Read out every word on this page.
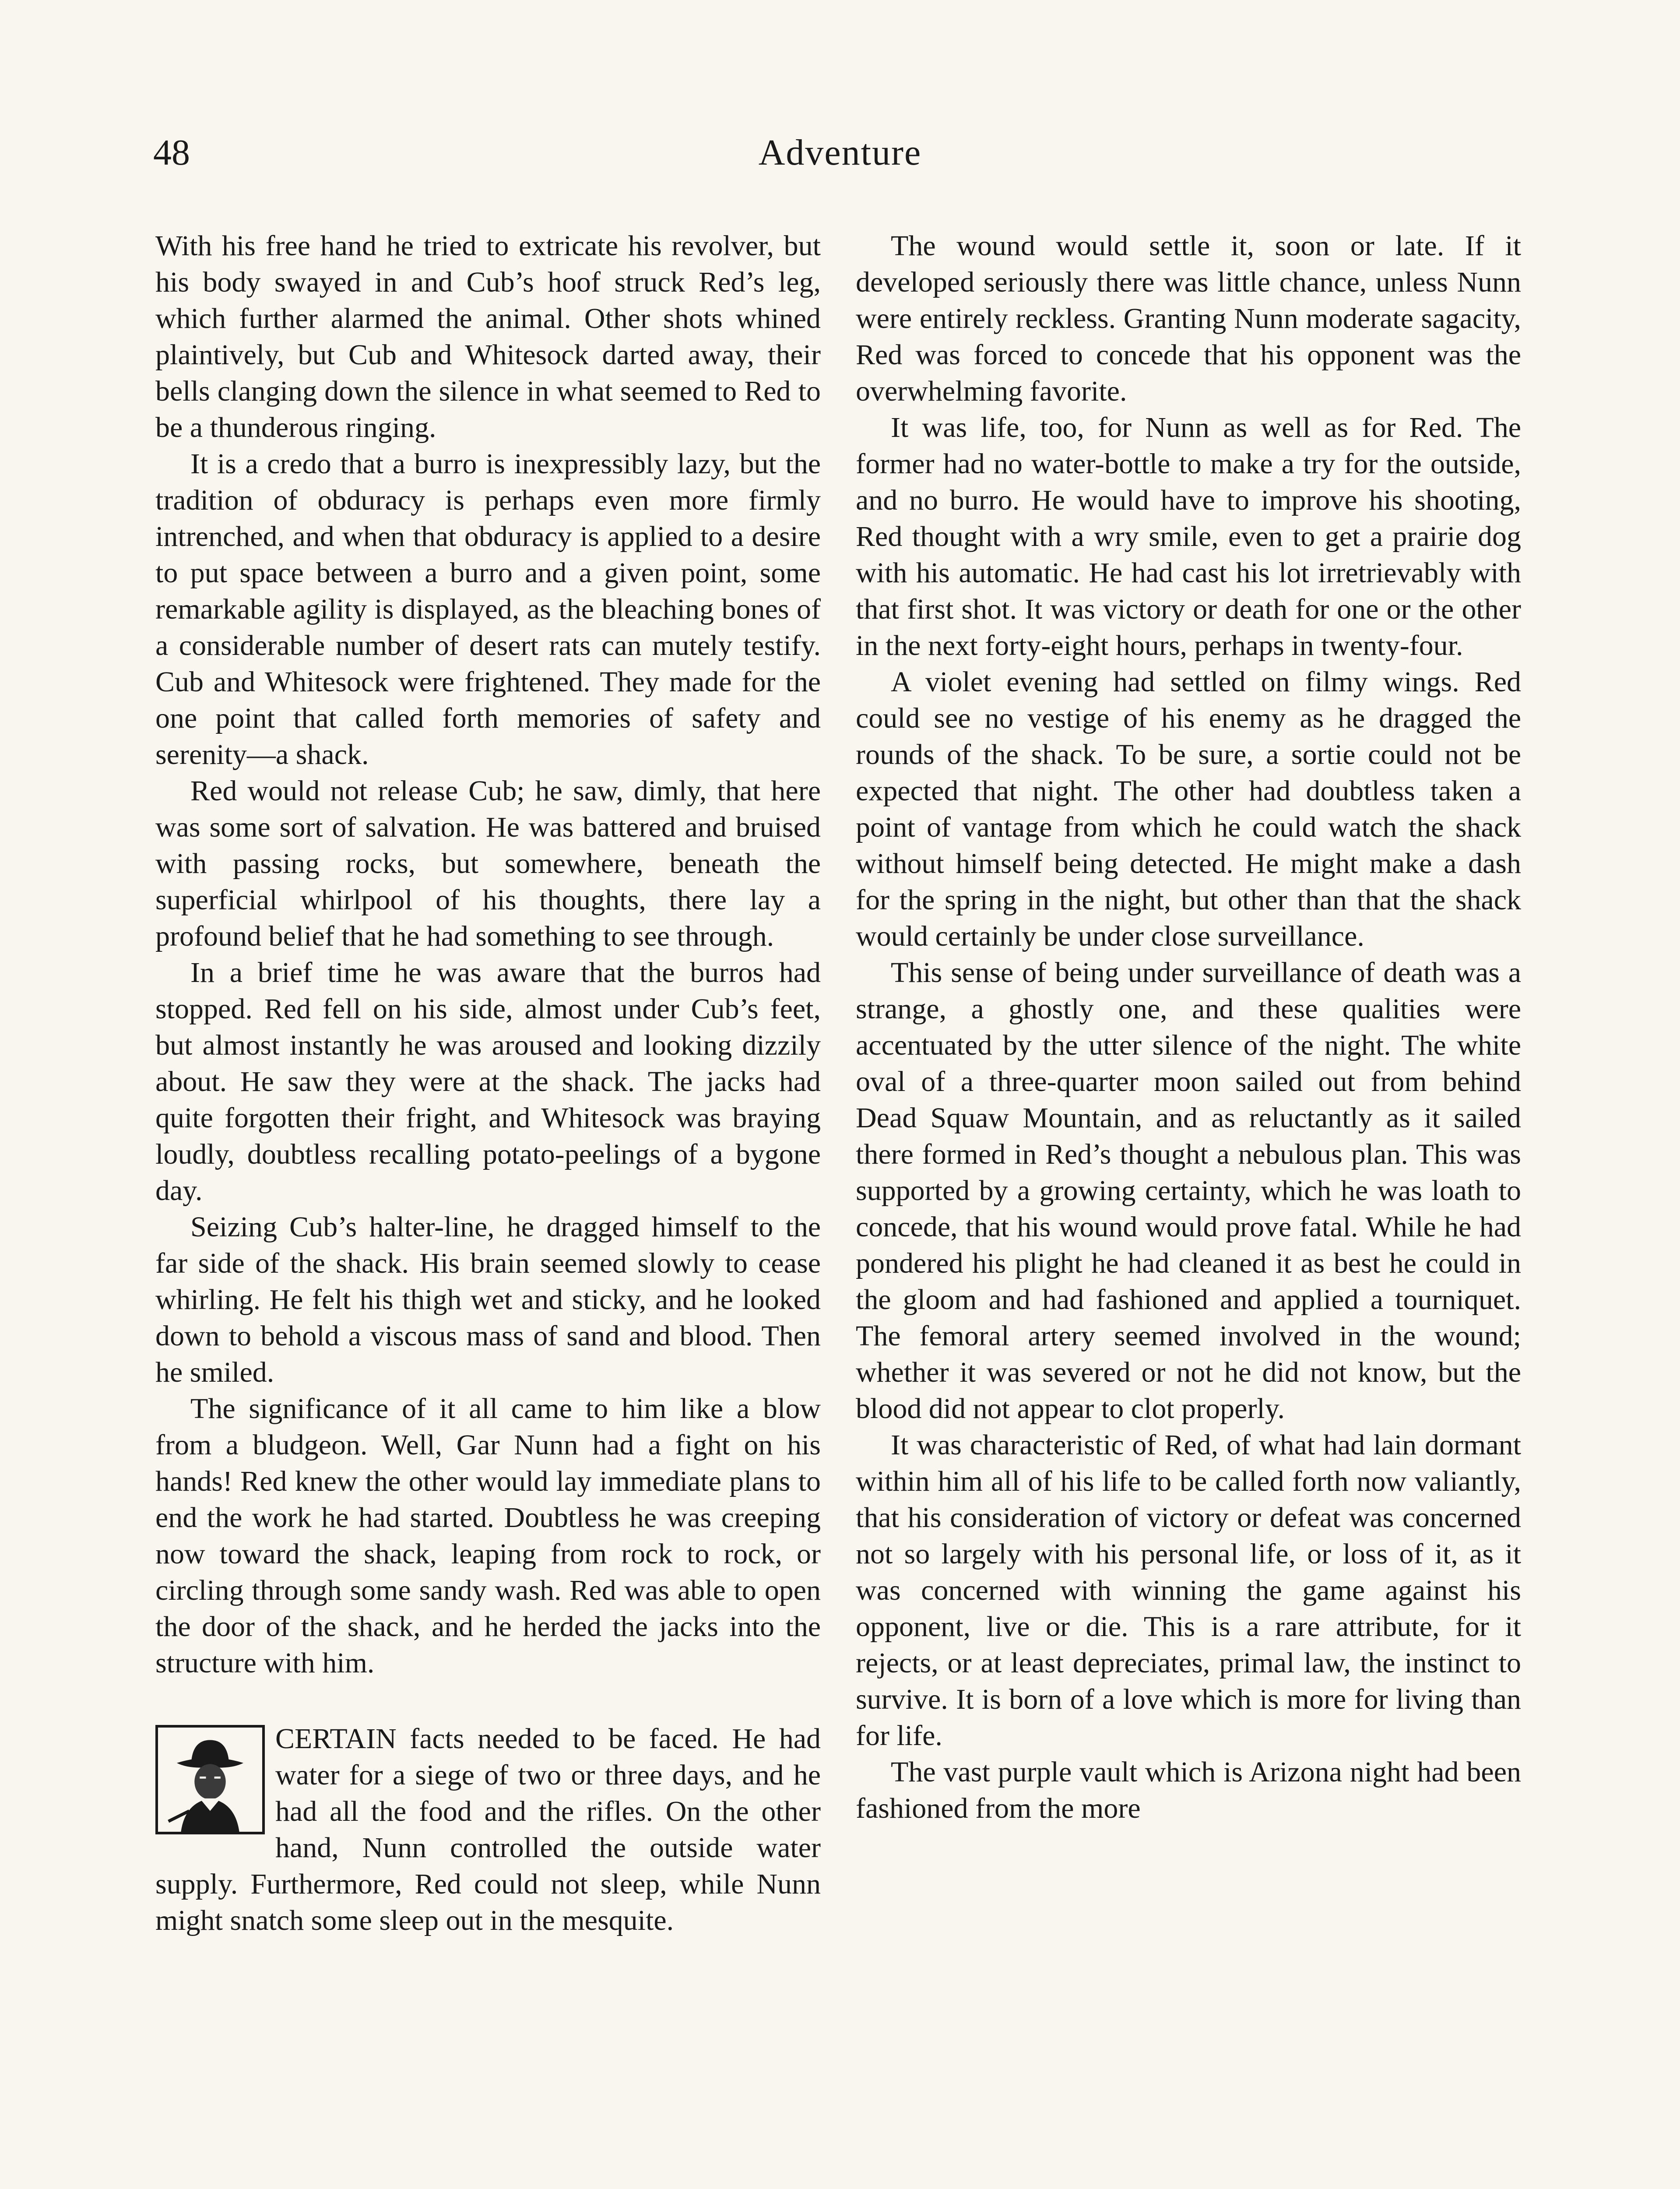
48	Adventure

With his free hand he tried to extricate his revolver, but his body swayed in and Cub’s hoof struck Red’s leg, which further alarmed the animal. Other shots whined plaintively, but Cub and Whitesock darted away, their bells clanging down the silence in what seemed to Red to be a thunderous ringing.

It is a credo that a burro is inexpressibly lazy, but the tradition of obduracy is perhaps even more firmly intrenched, and when that obduracy is applied to a desire to put space between a burro and a given point, some remarkable agility is displayed, as the bleaching bones of a considerable number of desert rats can mutely testify. Cub and Whitesock were frightened. They made for the one point that called forth memories of safety and serenity—a shack.

Red would not release Cub; he saw, dimly, that here was some sort of salvation. He was battered and bruised with passing rocks, but somewhere, beneath the superficial whirlpool of his thoughts, there lay a profound belief that he had something to see through.

In a brief time he was aware that the burros had stopped. Red fell on his side, almost under Cub’s feet, but almost instantly he was aroused and looking dizzily about. He saw they were at the shack. The jacks had quite forgotten their fright, and Whitesock was braying loudly, doubtless recalling potato-peelings of a bygone day.

Seizing Cub’s halter-line, he dragged himself to the far side of the shack. His brain seemed slowly to cease whirling. He felt his thigh wet and sticky, and he looked down to behold a viscous mass of sand and blood. Then he smiled.

The significance of it all came to him like a blow from a bludgeon. Well, Gar Nunn had a fight on his hands! Red knew the other would lay immediate plans to end the work he had started. Doubtless he was creeping now toward the shack, leaping from rock to rock, or circling through some sandy wash. Red was able to open the door of the shack, and he herded the jacks into the structure with him.

CERTAIN facts needed to be faced. He had water for a siege of two or three days, and he had all the food and the rifles. On the other hand, Nunn controlled the outside water supply. Furthermore, Red could not sleep, while Nunn might snatch some sleep out in the mesquite.

The wound would settle it, soon or late. If it developed seriously there was little chance, unless Nunn were entirely reckless. Granting Nunn moderate sagacity, Red was forced to concede that his opponent was the overwhelming favorite.

It was life, too, for Nunn as well as for Red. The former had no water-bottle to make a try for the outside, and no burro. He would have to improve his shooting, Red thought with a wry smile, even to get a prairie dog with his automatic. He had cast his lot irretrievably with that first shot. It was victory or death for one or the other in the next forty-eight hours, perhaps in twenty-four.

A violet evening had settled on filmy wings. Red could see no vestige of his enemy as he dragged the rounds of the shack. To be sure, a sortie could not be expected that night. The other had doubtless taken a point of vantage from which he could watch the shack without himself being detected. He might make a dash for the spring in the night, but other than that the shack would certainly be under close surveillance.

This sense of being under surveillance of death was a strange, a ghostly one, and these qualities were accentuated by the utter silence of the night. The white oval of a three-quarter moon sailed out from behind Dead Squaw Mountain, and as reluctantly as it sailed there formed in Red’s thought a nebulous plan. This was supported by a growing certainty, which he was loath to concede, that his wound would prove fatal. While he had pondered his plight he had cleaned it as best he could in the gloom and had fashioned and applied a tourniquet. The femoral artery seemed involved in the wound; whether it was severed or not he did not know, but the blood did not appear to clot properly.

It was characteristic of Red, of what had lain dormant within him all of his life to be called forth now valiantly, that his consideration of victory or defeat was concerned not so largely with his personal life, or loss of it, as it was concerned with winning the game against his opponent, live or die. This is a rare attribute, for it rejects, or at least depreciates, primal law, the instinct to survive. It is born of a love which is more for living than for life.

The vast purple vault which is Arizona night had been fashioned from the more
